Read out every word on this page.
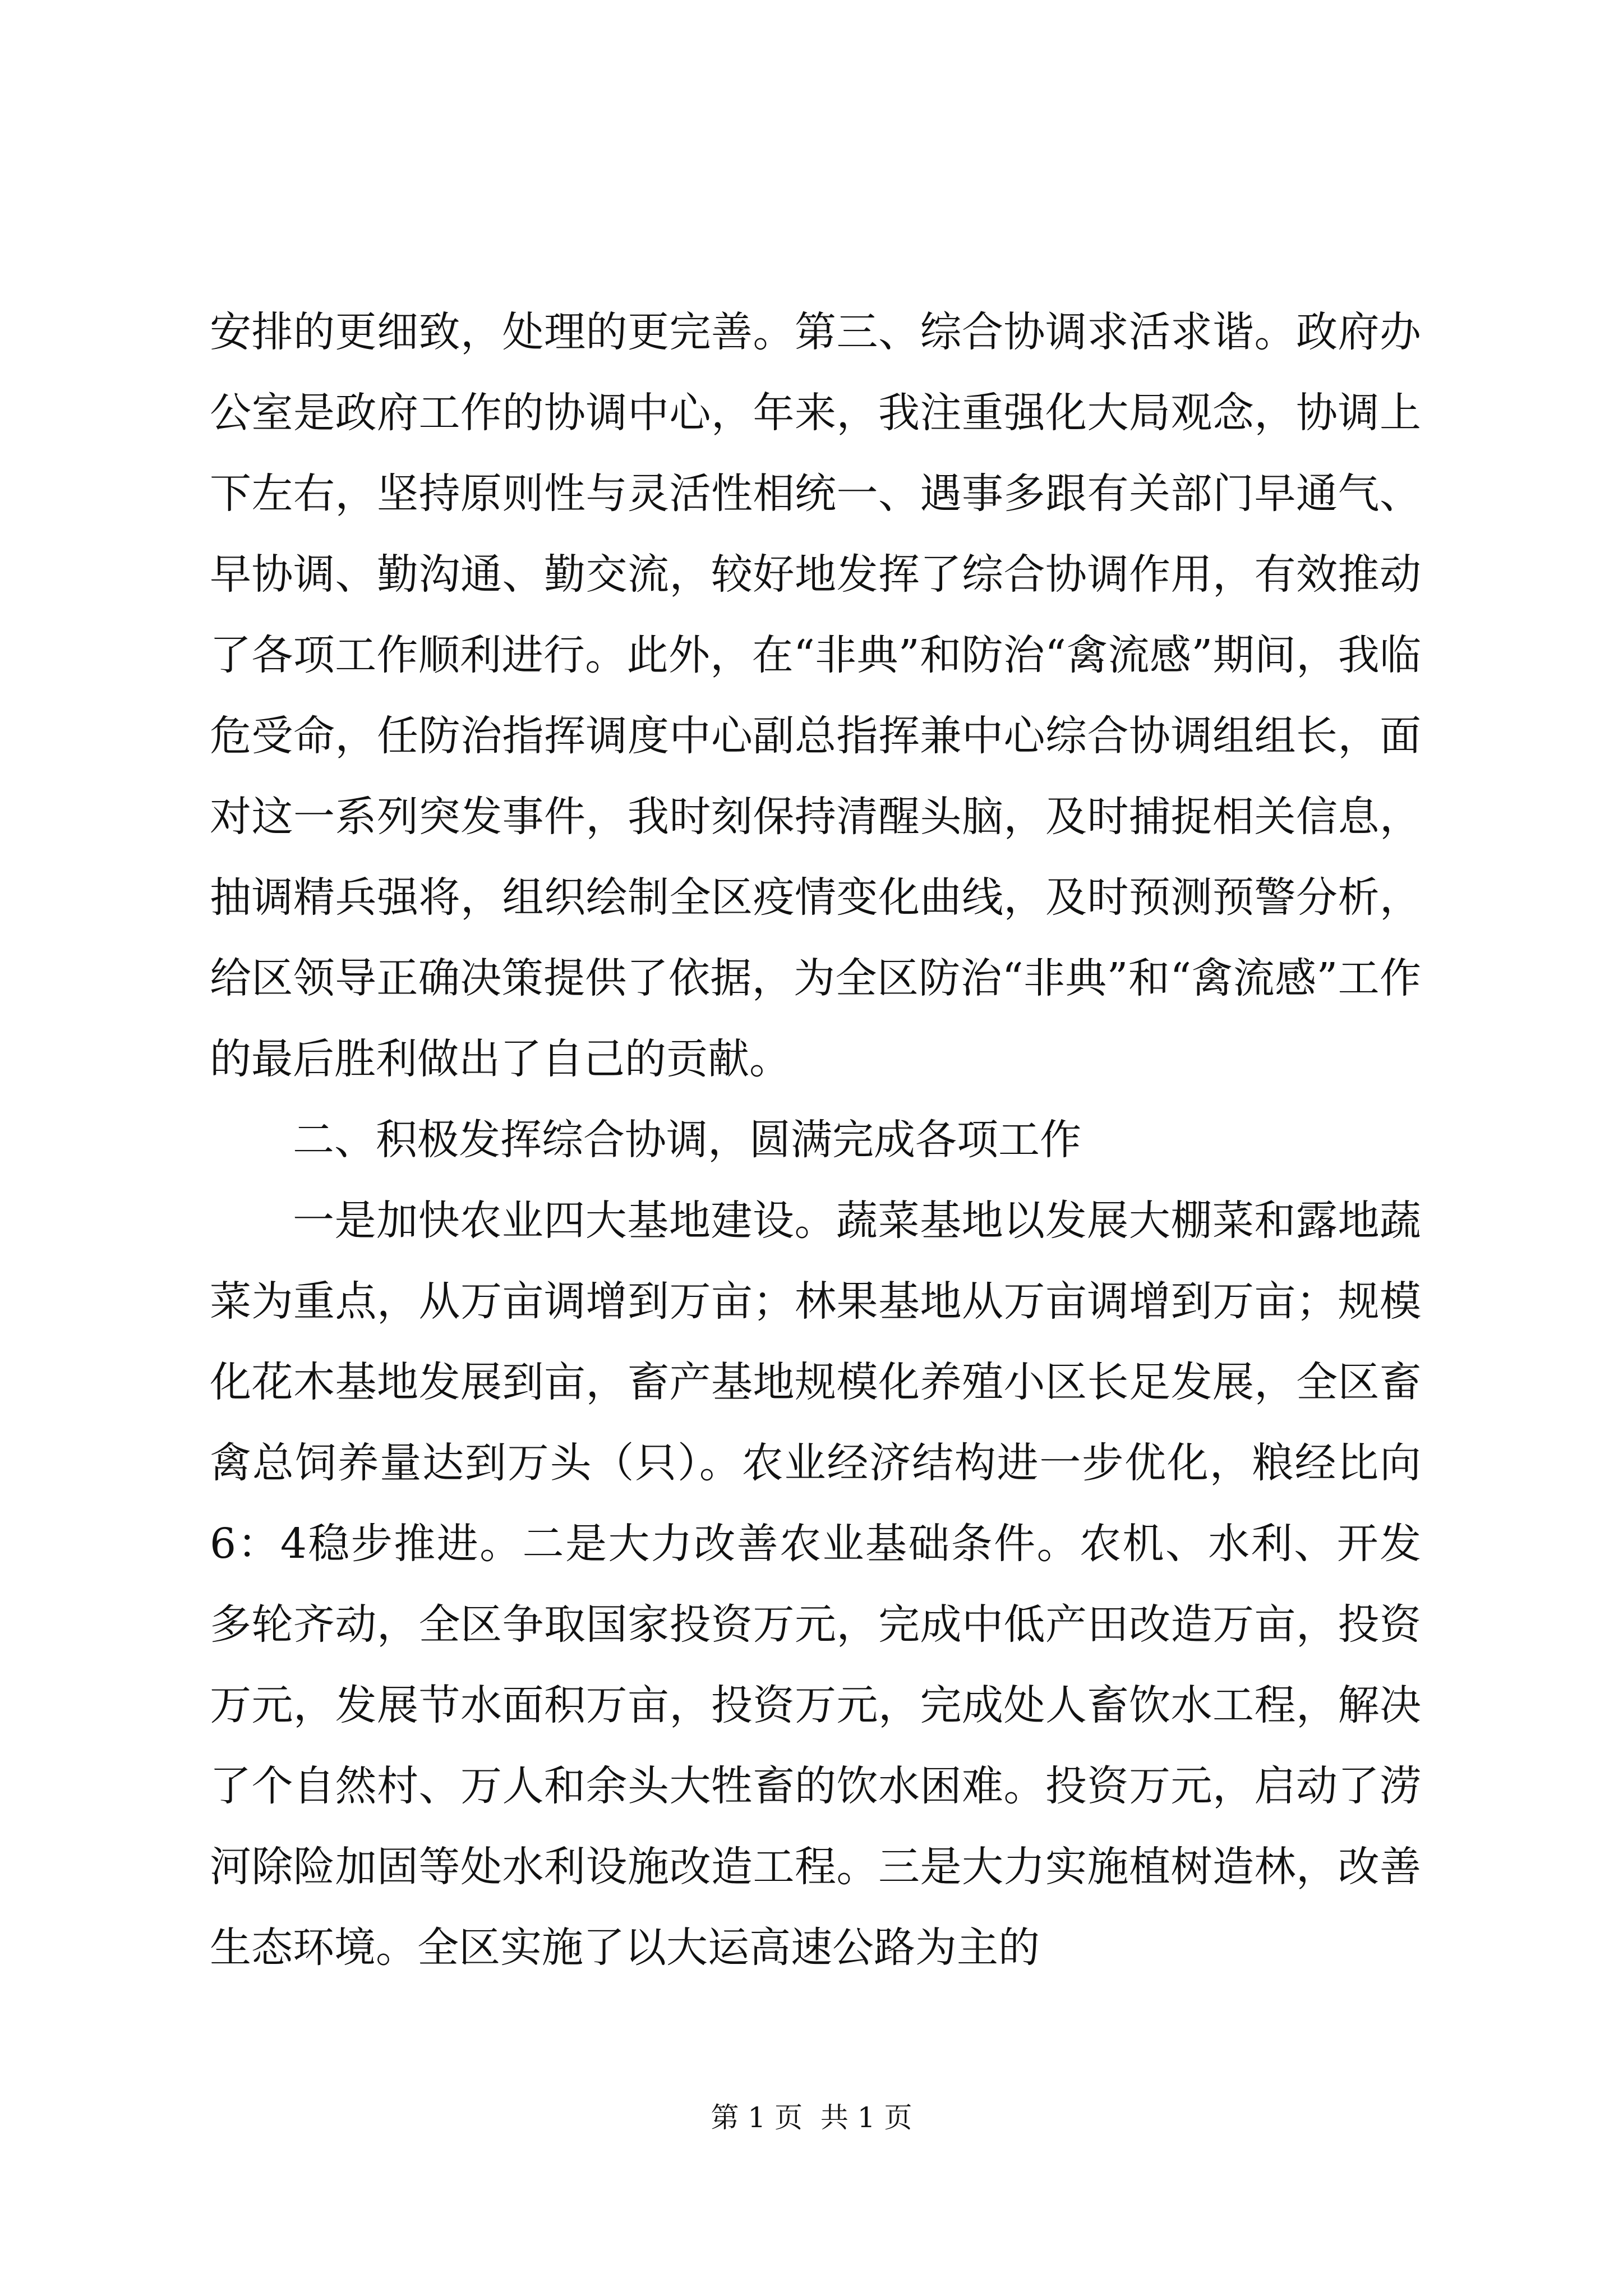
安排的更细致，处理的更完善。第三、综合协调求活求谐。政府办公室是政府工作的协调中心，年来，我注重强化大局观念，协调上下左右，坚持原则性与灵活性相统一、遇事多跟有关部门早通气、早协调、勤沟通、勤交流，较好地发挥了综合协调作用，有效推动了各项工作顺利进行。此外，在“非典”和防治“禽流感”期间，我临危受命，任防治指挥调度中心副总指挥兼中心综合协调组组长，面对这一系列突发事件，我时刻保持清醒头脑，及时捕捉相关信息，抽调精兵强将，组织绘制全区疫情变化曲线，及时预测预警分析，给区领导正确决策提供了依据，为全区防治“非典”和“禽流感”工作的最后胜利做出了自己的贡献。

二、积极发挥综合协调，圆满完成各项工作

一是加快农业四大基地建设。蔬菜基地以发展大棚菜和露地蔬菜为重点，从万亩调增到万亩；林果基地从万亩调增到万亩；规模化花木基地发展到亩，畜产基地规模化养殖小区长足发展，全区畜禽总饲养量达到万头（只）。农业经济结构进一步优化，粮经比向6：4稳步推进。二是大力改善农业基础条件。农机、水利、开发多轮齐动，全区争取国家投资万元，完成中低产田改造万亩，投资万元，发展节水面积万亩，投资万元，完成处人畜饮水工程，解决了个自然村、万人和余头大牲畜的饮水困难。投资万元，启动了涝河除险加固等处水利设施改造工程。三是大力实施植树造林，改善生态环境。全区实施了以大运高速公路为主的

第 1 页  共 1 页
